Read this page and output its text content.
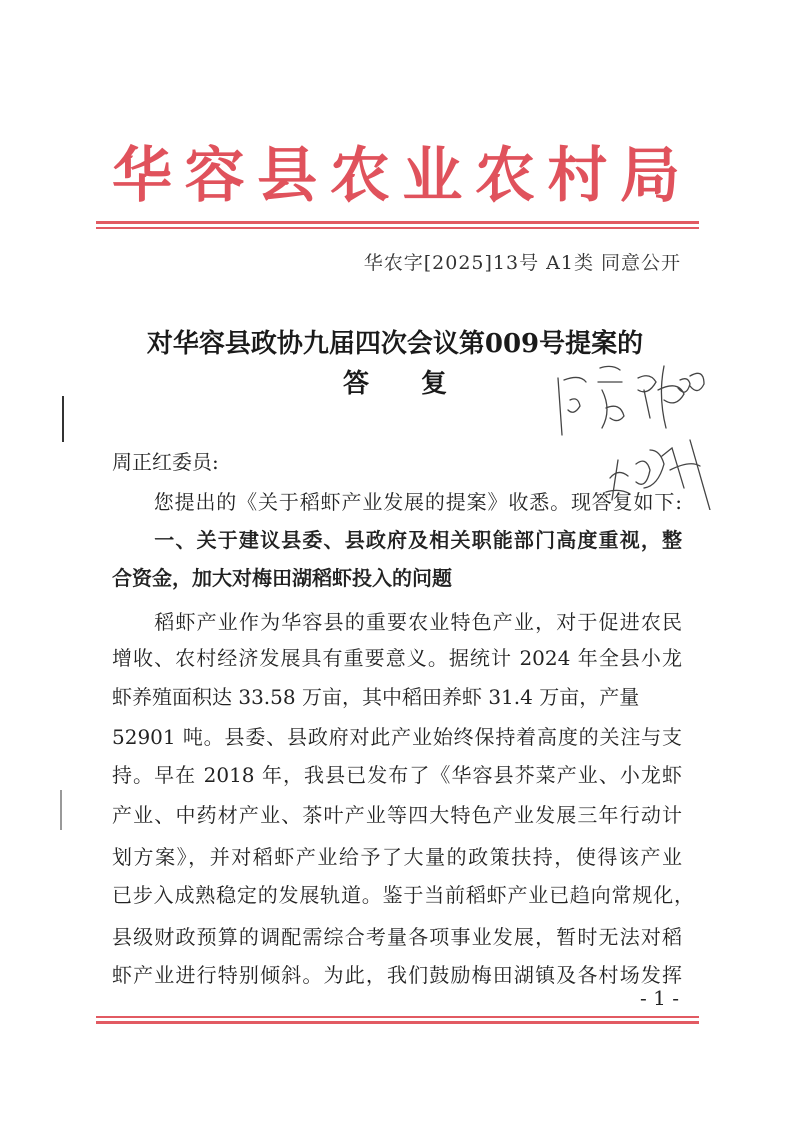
华容县农业农村局
华农字[2025]13号 A1类 同意公开
对华容县政协九届四次会议第009号提案的
答　　复
周正红委员:
　　您提出的《关于稻虾产业发展的提案》收悉。现答复如下:
　　一、关于建议县委、县政府及相关职能部门高度重视，整
合资金，加大对梅田湖稻虾投入的问题
　　稻虾产业作为华容县的重要农业特色产业，对于促进农民
增收、农村经济发展具有重要意义。据统计 2024 年全县小龙
虾养殖面积达 33.58 万亩，其中稻田养虾 31.4 万亩，产量
52901 吨。县委、县政府对此产业始终保持着高度的关注与支
持。早在 2018 年，我县已发布了《华容县芥菜产业、小龙虾
产业、中药材产业、茶叶产业等四大特色产业发展三年行动计
划方案》，并对稻虾产业给予了大量的政策扶持，使得该产业
已步入成熟稳定的发展轨道。鉴于当前稻虾产业已趋向常规化，
县级财政预算的调配需综合考量各项事业发展，暂时无法对稻
虾产业进行特别倾斜。为此，我们鼓励梅田湖镇及各村场发挥
- 1 -
